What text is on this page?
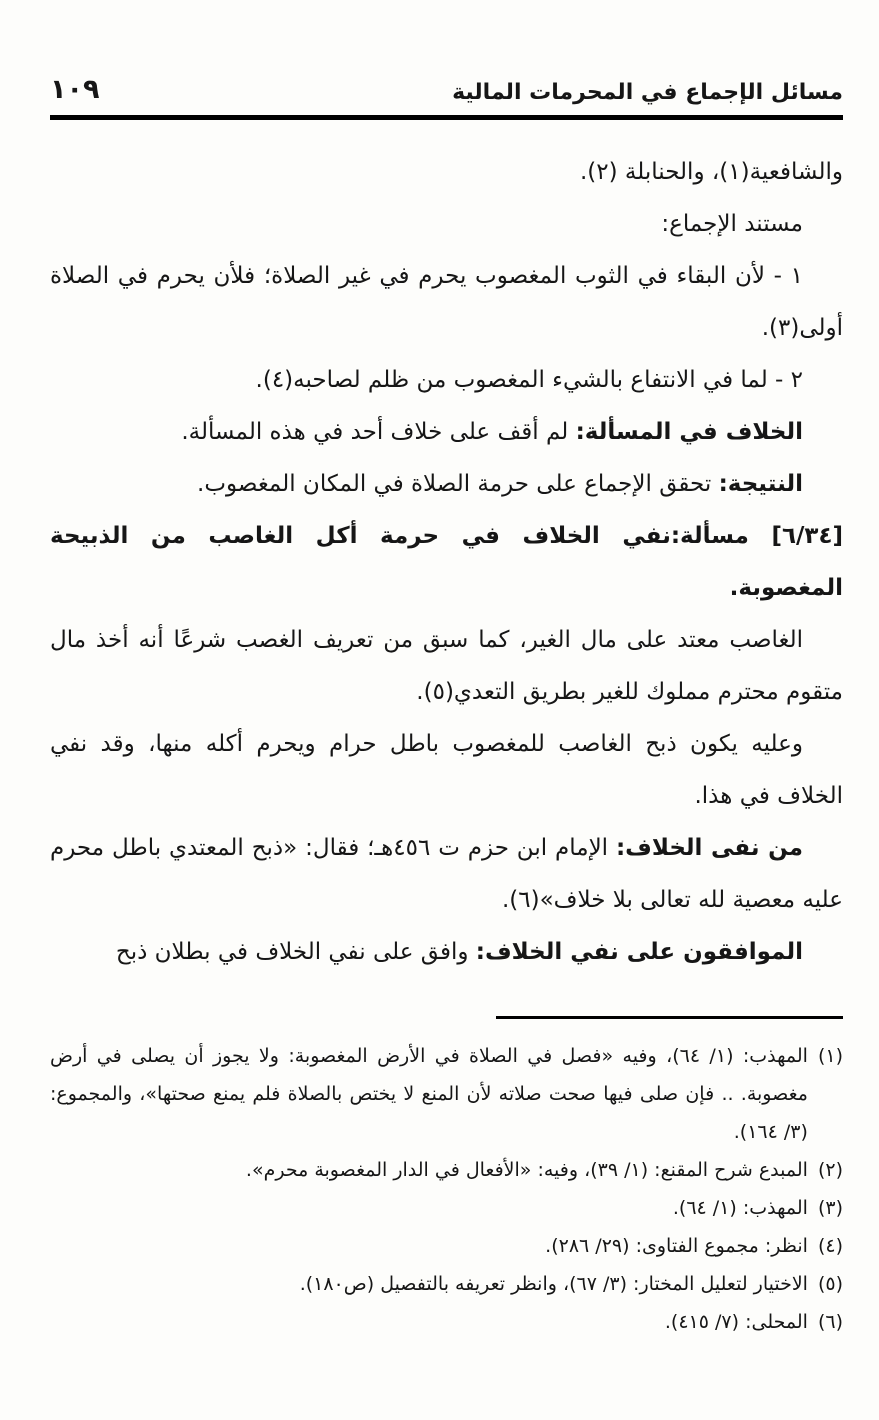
مسائل الإجماع في المحرمات المالية
١٠٩

والشافعية(١)، والحنابلة (٢).

مستند الإجماع:

١ - لأن البقاء في الثوب المغصوب يحرم في غير الصلاة؛ فلأن يحرم في الصلاة أولى(٣).

٢ - لما في الانتفاع بالشيء المغصوب من ظلم لصاحبه(٤).

الخلاف في المسألة: لم أقف على خلاف أحد في هذه المسألة.

النتيجة: تحقق الإجماع على حرمة الصلاة في المكان المغصوب.

[٦/٣٤] مسألة:نفي الخلاف في حرمة أكل الغاصب من الذبيحة المغصوبة.

الغاصب معتد على مال الغير، كما سبق من تعريف الغصب شرعًا أنه أخذ مال متقوم محترم مملوك للغير بطريق التعدي(٥).

وعليه يكون ذبح الغاصب للمغصوب باطل حرام ويحرم أكله منها، وقد نفي الخلاف في هذا.

من نفى الخلاف: الإمام ابن حزم ت ٤٥٦هـ؛ فقال: «ذبح المعتدي باطل محرم عليه معصية لله تعالى بلا خلاف»(٦).

الموافقون على نفي الخلاف: وافق على نفي الخلاف في بطلان ذبح

(١)
المهذب: (١/ ٦٤)، وفيه «فصل في الصلاة في الأرض المغصوبة: ولا يجوز أن يصلى في أرض مغصوبة. .. فإن صلى فيها صحت صلاته لأن المنع لا يختص بالصلاة فلم يمنع صحتها»، والمجموع: (٣/ ١٦٤).
(٢)
المبدع شرح المقنع: (١/ ٣٩)، وفيه: «الأفعال في الدار المغصوبة محرم».
(٣)
المهذب: (١/ ٦٤).
(٤)
انظر: مجموع الفتاوى: (٢٩/ ٢٨٦).
(٥)
الاختيار لتعليل المختار: (٣/ ٦٧)، وانظر تعريفه بالتفصيل (ص١٨٠).
(٦)
المحلى: (٧/ ٤١٥).
